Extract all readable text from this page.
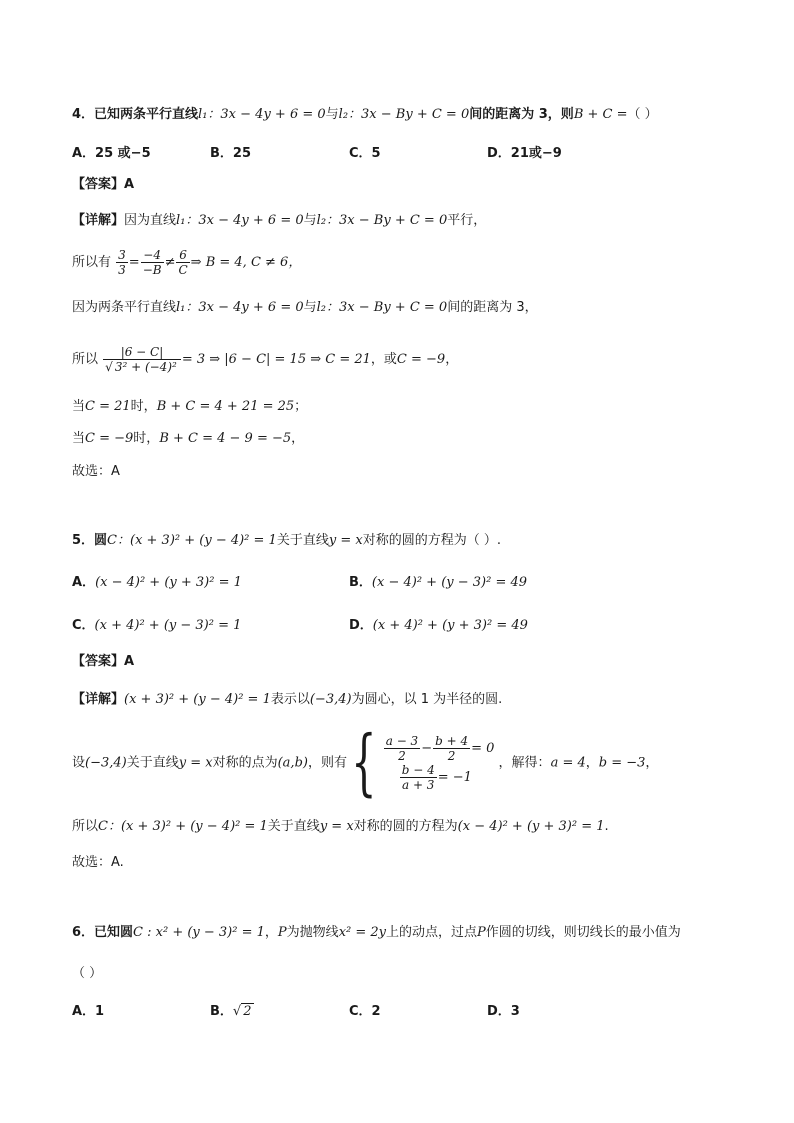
4．已知两条平行直线l₁：3x − 4y + 6 = 0与l₂：3x − By + C = 0间的距离为 3，则B + C =（ ）
A．25 或−5	B．25	C．5	D．21或−9
【答案】A
【详解】因为直线l₁：3x − 4y + 6 = 0与l₂：3x − By + C = 0平行，
所以有 $\frac{3}{3} = \frac{-4}{-B} \ne \frac{6}{C}$ ⇒ B = 4, C ≠ 6，
因为两条平行直线l₁：3x − 4y + 6 = 0与l₂：3x − By + C = 0间的距离为 3，
所以 $\frac{|6 - C|}{\text{√ 3² + (−4)²}} = 3$ ⇒ |6 − C| = 15 ⇒ C = 21，或C = −9，
当C = 21时，B + C = 4 + 21 = 25；
当C = −9时，B + C = 4 − 9 = −5，
故选：A
5．圆C：(x + 3)² + (y − 4)² = 1关于直线y = x对称的圆的方程为（ ）.
A．(x − 4)² + (y + 3)² = 1	B．(x − 4)² + (y − 3)² = 49
C．(x + 4)² + (y − 3)² = 1	D．(x + 4)² + (y + 3)² = 49
【答案】A
【详解】(x + 3)² + (y − 4)² = 1表示以(−3,4)为圆心，以 1 为半径的圆.
设(−3,4)关于直线y = x对称的点为(a,b)，则有 { $\frac{a - 3}{2} - \frac{b + 4}{2} = 0$
$\frac{b - 4}{a + 3} = -1$
，解得：a = 4，b = −3，
所以C：(x + 3)² + (y − 4)² = 1关于直线y = x对称的圆的方程为(x − 4)² + (y + 3)² = 1.
故选：A.
6．已知圆C : x² + (y − 3)² = 1，P为抛物线x² = 2y上的动点，过点P作圆的切线，则切线长的最小值为
（ ）
A．1	B．√ 2	C．2	D．3
